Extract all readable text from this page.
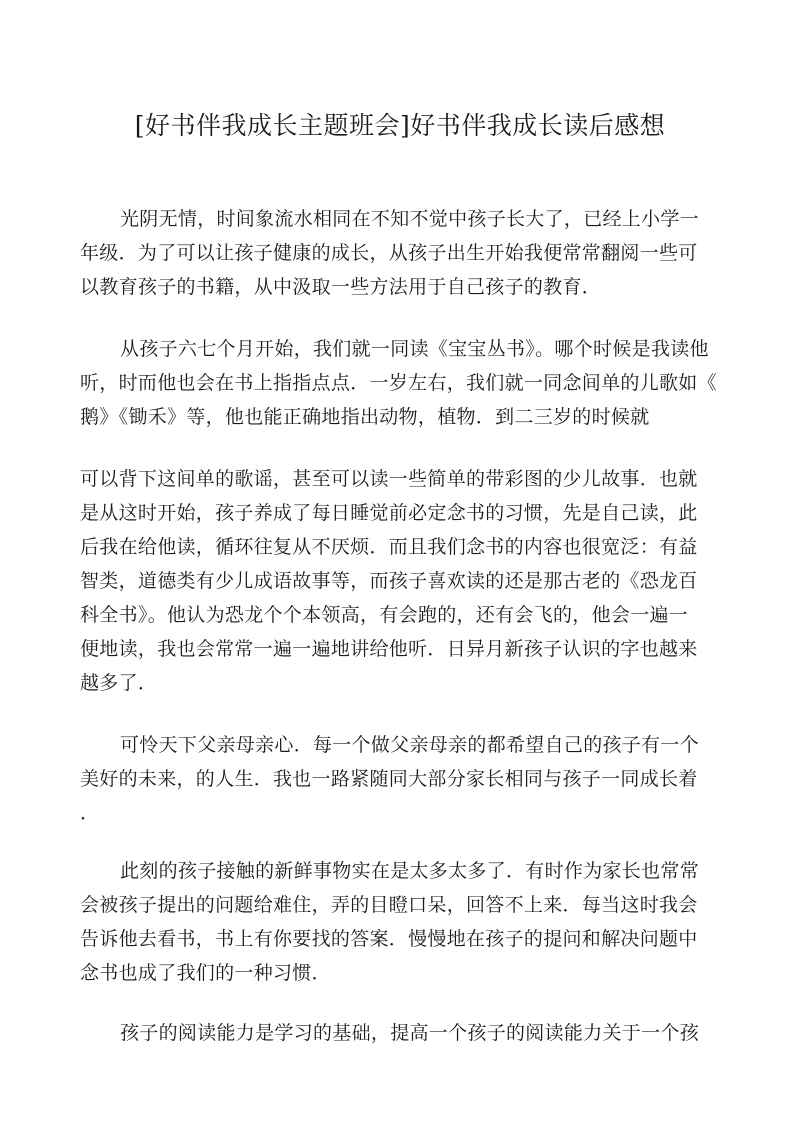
[好书伴我成长主题班会]好书伴我成长读后感想
光阴无情，时间象流水相同在不知不觉中孩子长大了，已经上小学一
年级．为了可以让孩子健康的成长，从孩子出生开始我便常常翻阅一些可
以教育孩子的书籍，从中汲取一些方法用于自己孩子的教育．
从孩子六七个月开始，我们就一同读《宝宝丛书》。哪个时候是我读他
听，时而他也会在书上指指点点．一岁左右，我们就一同念间单的儿歌如《
鹅》《锄禾》等，他也能正确地指出动物，植物．到二三岁的时候就
可以背下这间单的歌谣，甚至可以读一些简单的带彩图的少儿故事．也就
是从这时开始，孩子养成了每日睡觉前必定念书的习惯，先是自己读，此
后我在给他读，循环往复从不厌烦．而且我们念书的内容也很宽泛：有益
智类，道德类有少儿成语故事等，而孩子喜欢读的还是那古老的《恐龙百
科全书》。他认为恐龙个个本领高，有会跑的，还有会飞的，他会一遍一
便地读，我也会常常一遍一遍地讲给他听．日异月新孩子认识的字也越来
越多了．
可怜天下父亲母亲心．每一个做父亲母亲的都希望自己的孩子有一个
美好的未来，的人生．我也一路紧随同大部分家长相同与孩子一同成长着
．
此刻的孩子接触的新鲜事物实在是太多太多了．有时作为家长也常常
会被孩子提出的问题给难住，弄的目瞪口呆，回答不上来．每当这时我会
告诉他去看书，书上有你要找的答案．慢慢地在孩子的提问和解决问题中
念书也成了我们的一种习惯．
孩子的阅读能力是学习的基础，提高一个孩子的阅读能力关于一个孩
